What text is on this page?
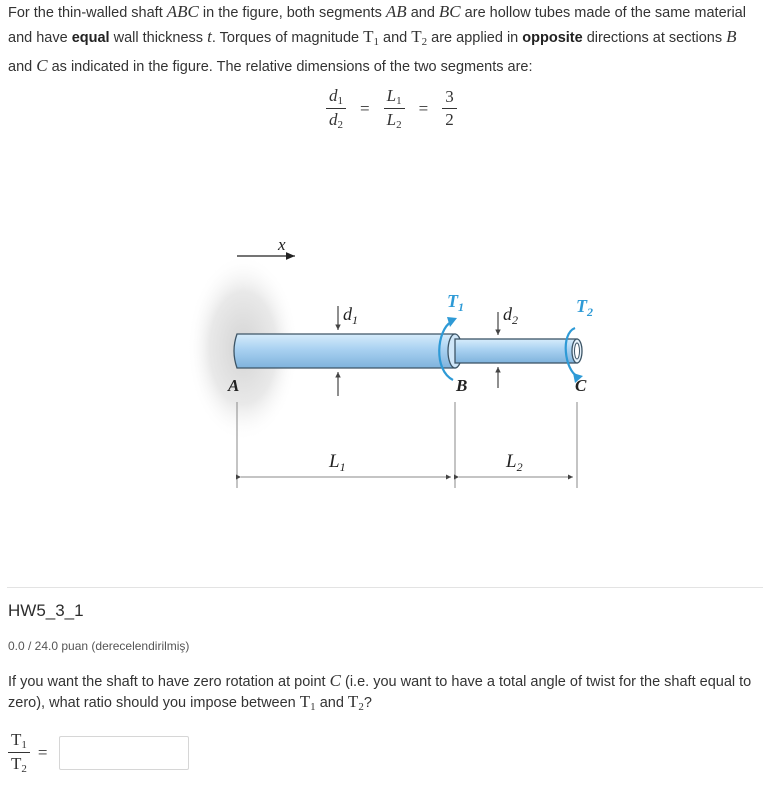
For the thin-walled shaft ABC in the figure, both segments AB and BC are hollow tubes made of the same material and have equal wall thickness t. Torques of magnitude $T_1$ and $T_2$ are applied in opposite directions at sections B and C as indicated in the figure. The relative dimensions of the two segments are:
$\frac{d_1}{d_2} = \frac{L_1}{L_2} = \frac{3}{2}$
x
$T_1$	$T_2$
$d_1$	$d_2$
A	B	C
$L_1$	$L_2$
HW5_3_1
0.0 / 24.0 puan (derecelendirilmiş)
If you want the shaft to have zero rotation at point C (i.e. you want to have a total angle of twist for the shaft equal to zero), what ratio should you impose between $T_1$ and $T_2$?
$\frac{T_1}{T_2}$ =
